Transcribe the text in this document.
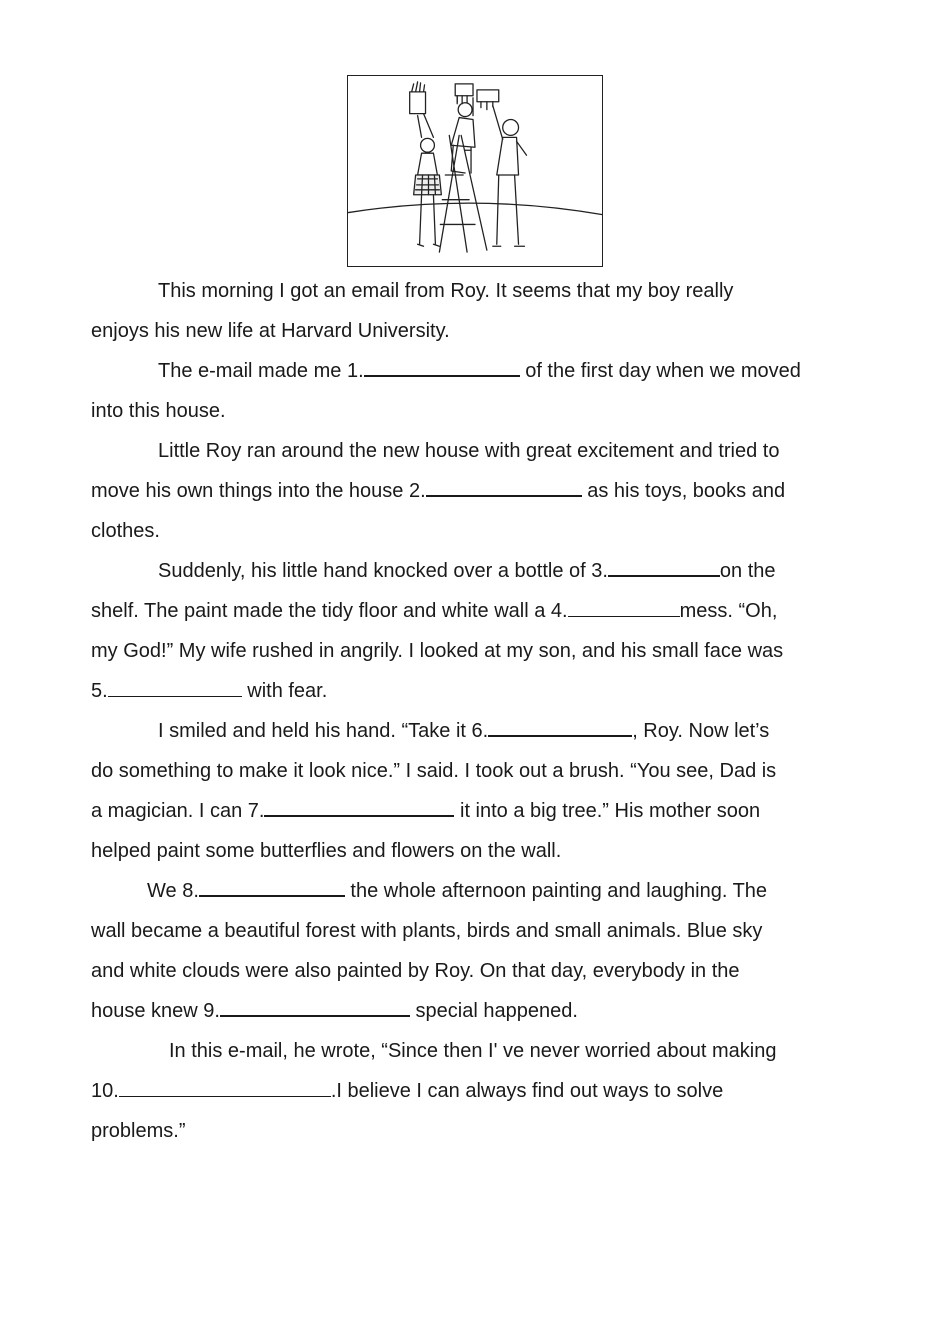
This morning I got an email from Roy. It seems that my boy really

enjoys his new life at Harvard University.

The e-mail made me 1.	of the first day when we moved

into this house.

Little Roy ran around the new house with great excitement and tried to

move his own things into the house 2.	as his toys, books and

clothes.

Suddenly, his little hand knocked over a bottle of 3.	on the

shelf. The paint made the tidy floor and white wall a 4.	mess. “Oh,

my God!” My wife rushed in angrily. I looked at my son, and his small face was

5.	with fear.

I smiled and held his hand. “Take it 6.	, Roy. Now let’s

do something to make it look nice.” I said. I took out a brush. “You see, Dad is

a magician. I can 7.	it into a big tree.” His mother soon

helped paint some butterflies and flowers on the wall.

We 8.	the whole afternoon painting and laughing. The

wall became a beautiful forest with plants, birds and small animals. Blue sky

and white clouds were also painted by Roy. On that day, everybody in the

house knew 9.	special happened.

In this e-mail, he wrote, “Since then I' ve never worried about making

10.	.I believe I can always find out ways to solve

problems.”
